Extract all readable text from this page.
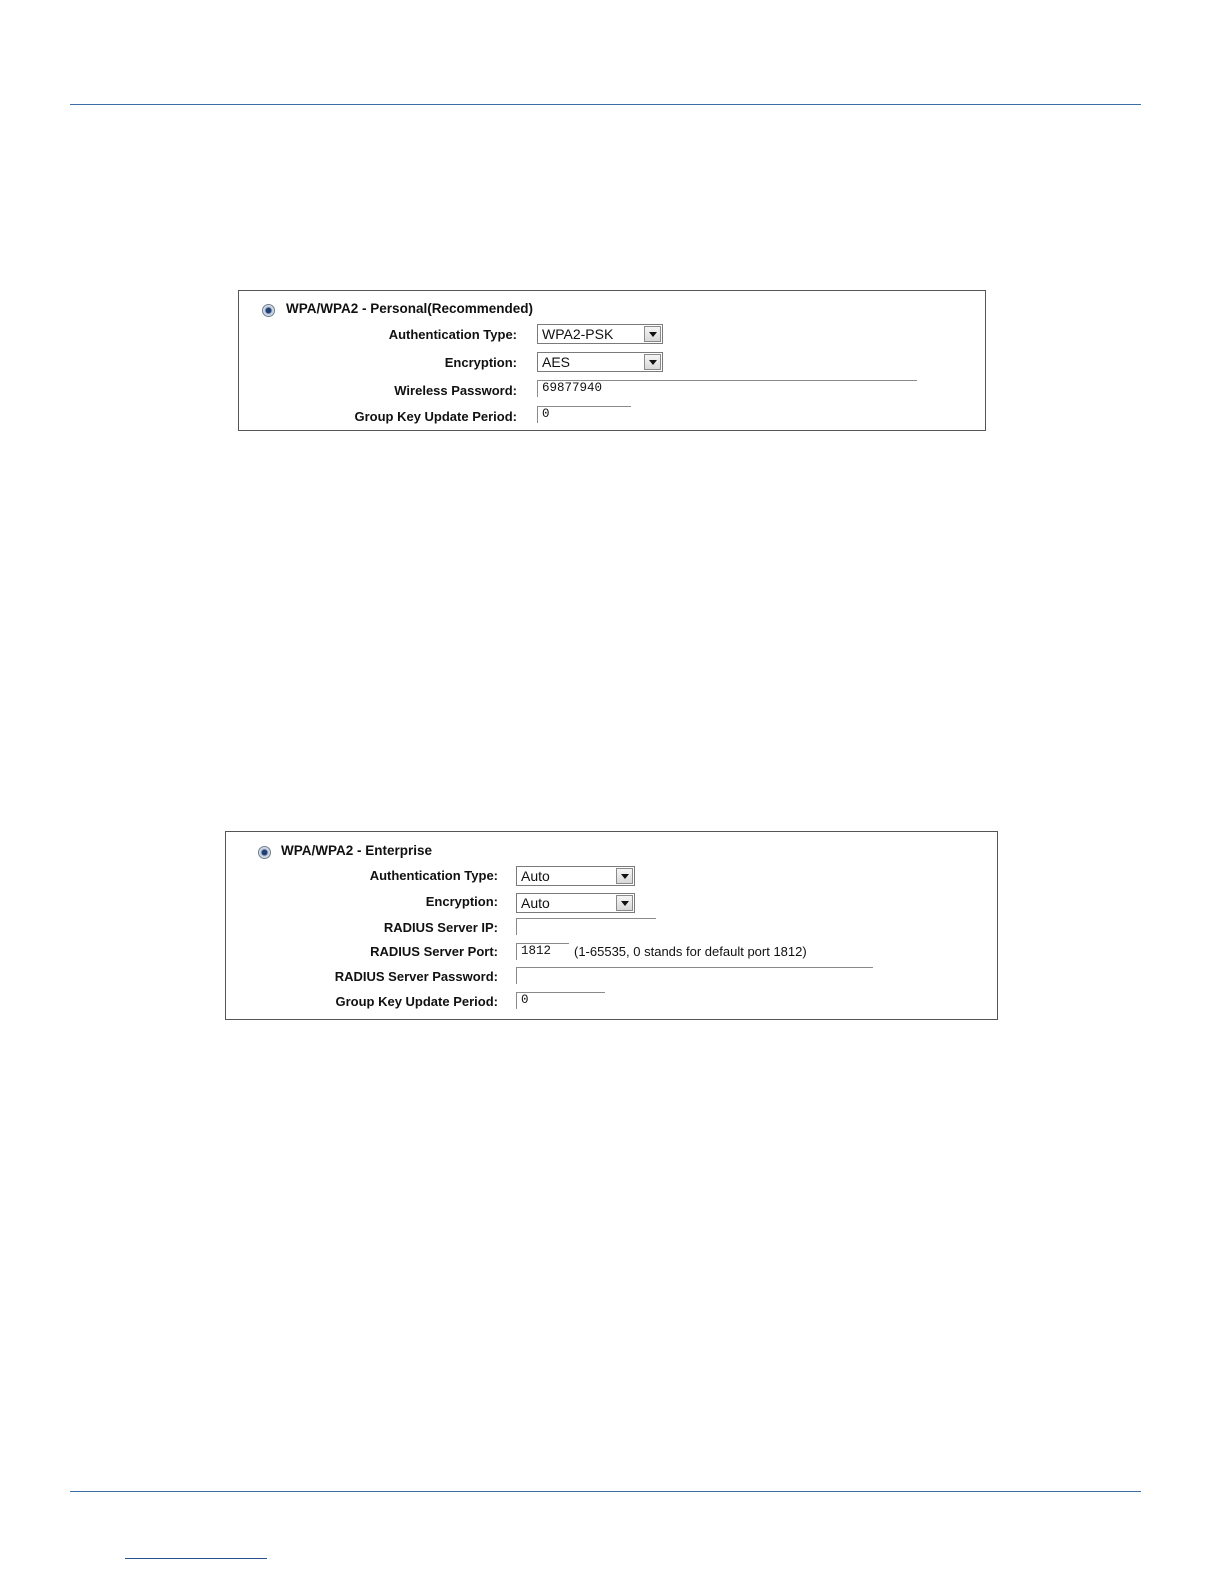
WPA/WPA2 - Personal(Recommended)
Authentication Type: WPA2-PSK
Encryption: AES
Wireless Password:	69877940
Group Key Update Period:	0
WPA/WPA2 - Enterprise
Authentication Type: Auto
Encryption: Auto
RADIUS Server IP:
RADIUS Server Port:	1812	(1-65535, 0 stands for default port 1812)
RADIUS Server Password:
Group Key Update Period:	0
